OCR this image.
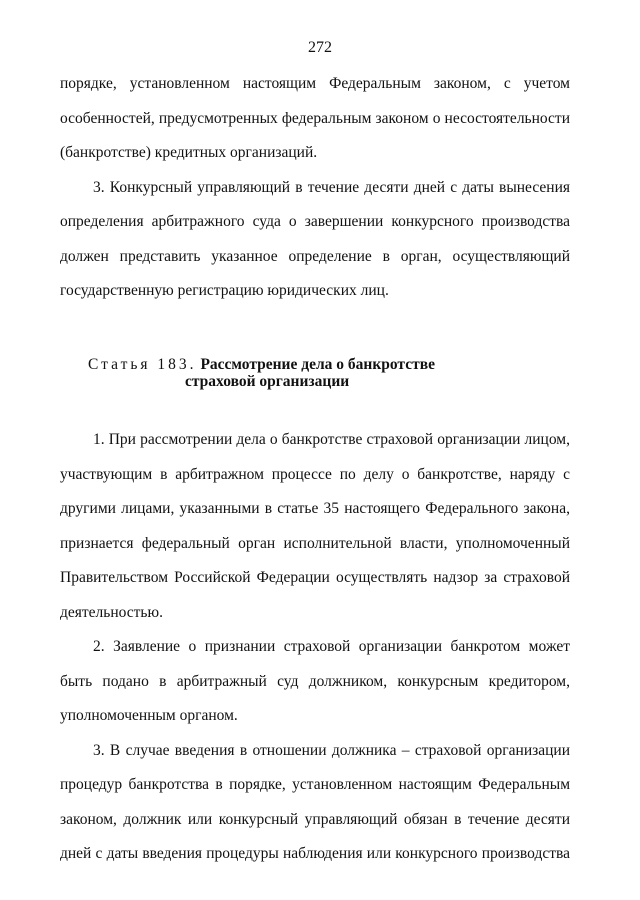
272

порядке, установленном настоящим Федеральным законом, с учетом особенностей, предусмотренных федеральным законом о несостоятельности (банкротстве) кредитных организаций.

3. Конкурсный управляющий в течение десяти дней с даты вынесения определения арбитражного суда о завершении конкурсного производства должен представить указанное определение в орган, осуществляющий государственную регистрацию юридических лиц.

Статья 183. Рассмотрение дела о банкротстве
страховой организации

1. При рассмотрении дела о банкротстве страховой организации лицом, участвующим в арбитражном процессе по делу о банкротстве, наряду с другими лицами, указанными в статье 35 настоящего Федерального закона, признается федеральный орган исполнительной власти, уполномоченный Правительством Российской Федерации осуществлять надзор за страховой деятельностью.

2. Заявление о признании страховой организации банкротом может быть подано в арбитражный суд должником, конкурсным кредитором, уполномоченным органом.

3. В случае введения в отношении должника – страховой организации процедур банкротства в порядке, установленном настоящим Федеральным законом, должник или конкурсный управляющий обязан в течение десяти дней с даты введения процедуры наблюдения или конкурсного производства
